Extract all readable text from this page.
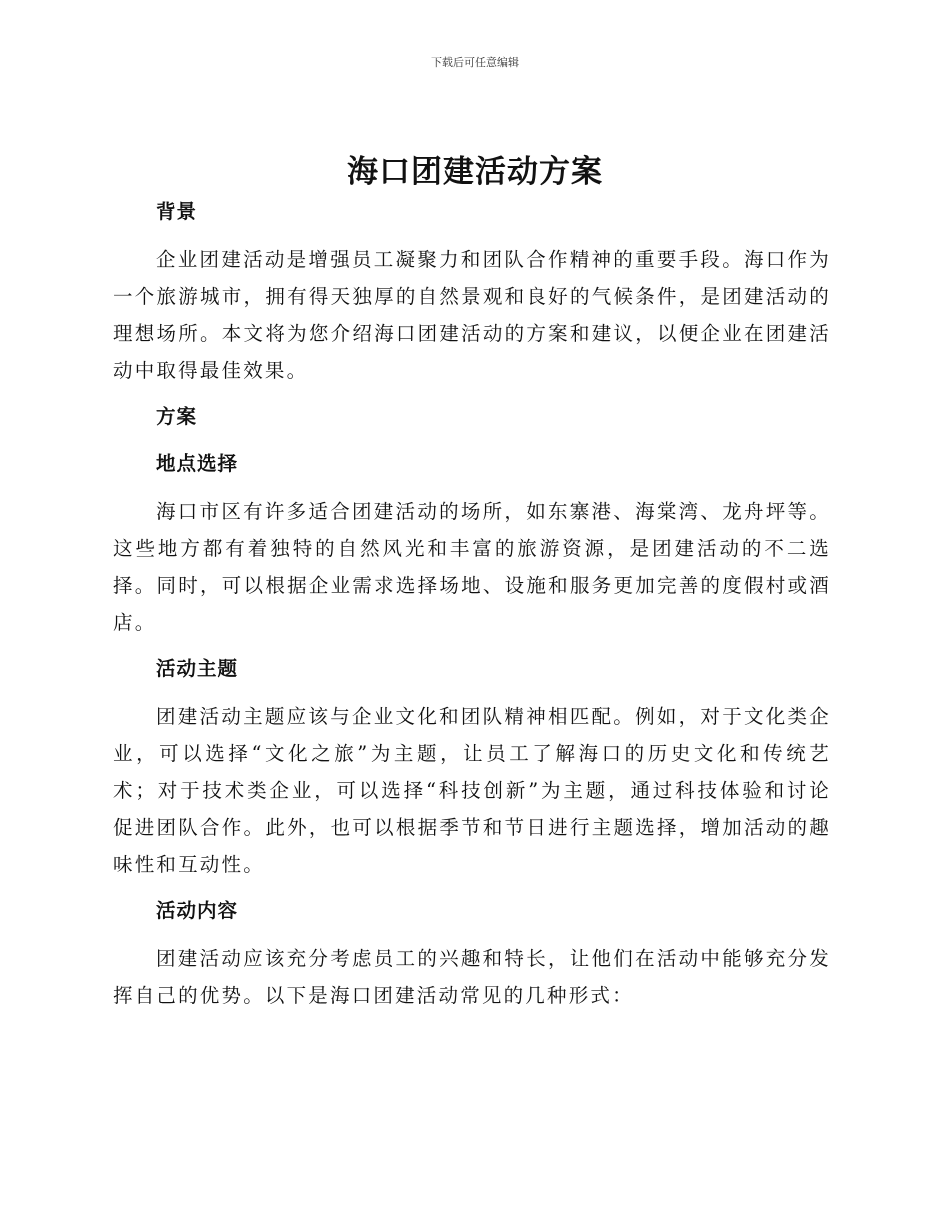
下载后可任意编辑
海口团建活动方案
背景

企业团建活动是增强员工凝聚力和团队合作精神的重要手段。海口作为一个旅游城市，拥有得天独厚的自然景观和良好的气候条件，是团建活动的理想场所。本文将为您介绍海口团建活动的方案和建议，以便企业在团建活动中取得最佳效果。

方案
地点选择

海口市区有许多适合团建活动的场所，如东寨港、海棠湾、龙舟坪等。这些地方都有着独特的自然风光和丰富的旅游资源，是团建活动的不二选择。同时，可以根据企业需求选择场地、设施和服务更加完善的度假村或酒店。

活动主题

团建活动主题应该与企业文化和团队精神相匹配。例如，对于文化类企业，可以选择“文化之旅”为主题，让员工了解海口的历史文化和传统艺术；对于技术类企业，可以选择“科技创新”为主题，通过科技体验和讨论促进团队合作。此外，也可以根据季节和节日进行主题选择，增加活动的趣味性和互动性。

活动内容

团建活动应该充分考虑员工的兴趣和特长，让他们在活动中能够充分发挥自己的优势。以下是海口团建活动常见的几种形式：
